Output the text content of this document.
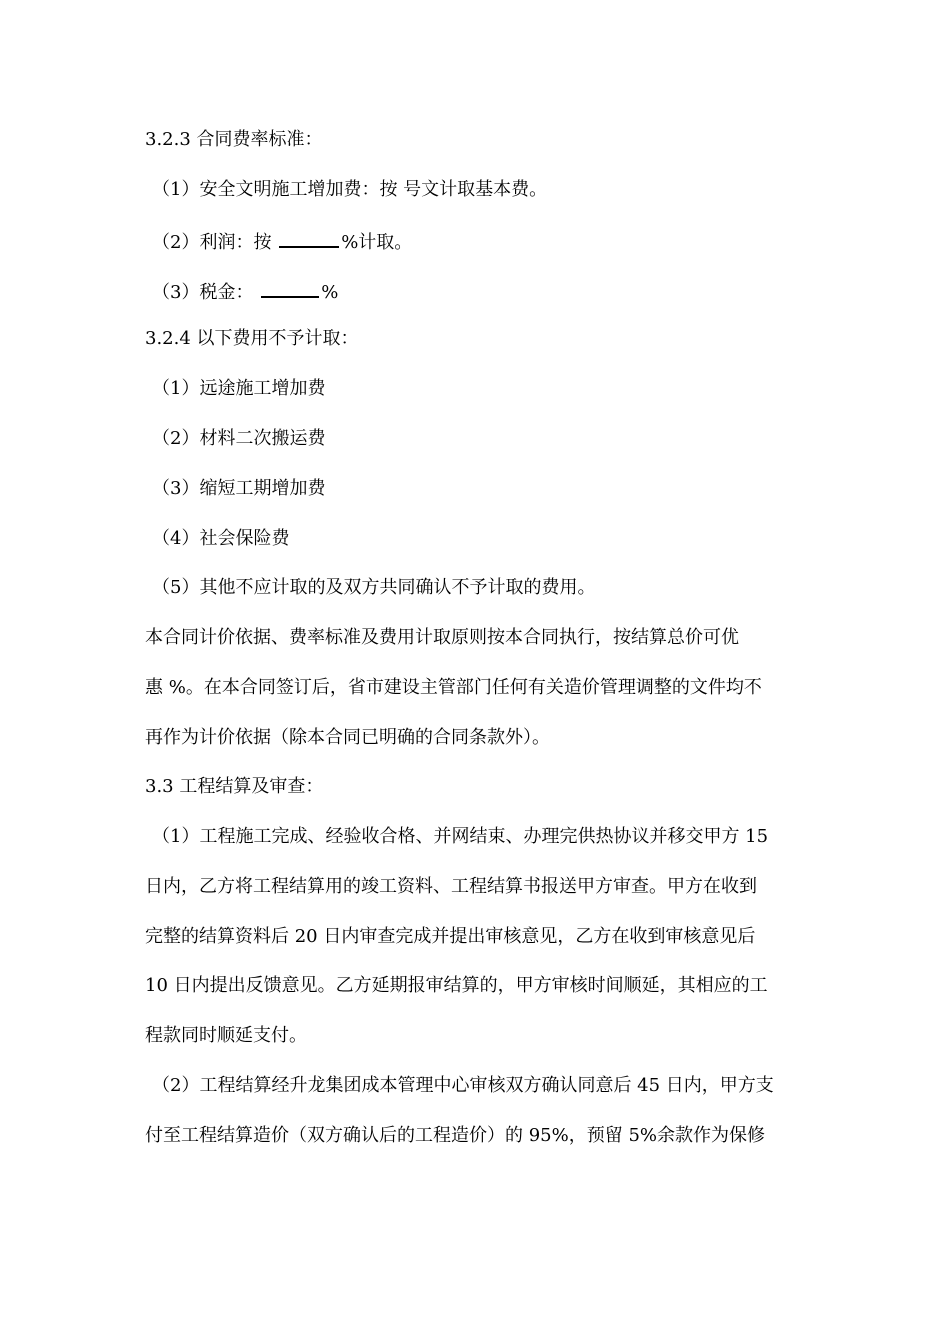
3.2.3 合同费率标准：
（1）安全文明施工增加费：按 号文计取基本费。
（2）利润：按	%计取。
（3）税金：	%
3.2.4 以下费用不予计取：
（1）远途施工增加费
（2）材料二次搬运费
（3）缩短工期增加费
（4）社会保险费
（5）其他不应计取的及双方共同确认不予计取的费用。
本合同计价依据、费率标准及费用计取原则按本合同执行，按结算总价可优
惠 %。在本合同签订后，省市建设主管部门任何有关造价管理调整的文件均不
再作为计价依据（除本合同已明确的合同条款外）。
3.3 工程结算及审查：
（1）工程施工完成、经验收合格、并网结束、办理完供热协议并移交甲方 15
日内，乙方将工程结算用的竣工资料、工程结算书报送甲方审查。甲方在收到
完整的结算资料后 20 日内审查完成并提出审核意见，乙方在收到审核意见后
10 日内提出反馈意见。乙方延期报审结算的，甲方审核时间顺延，其相应的工
程款同时顺延支付。
（2）工程结算经升龙集团成本管理中心审核双方确认同意后 45 日内，甲方支
付至工程结算造价（双方确认后的工程造价）的 95%，预留 5%余款作为保修
